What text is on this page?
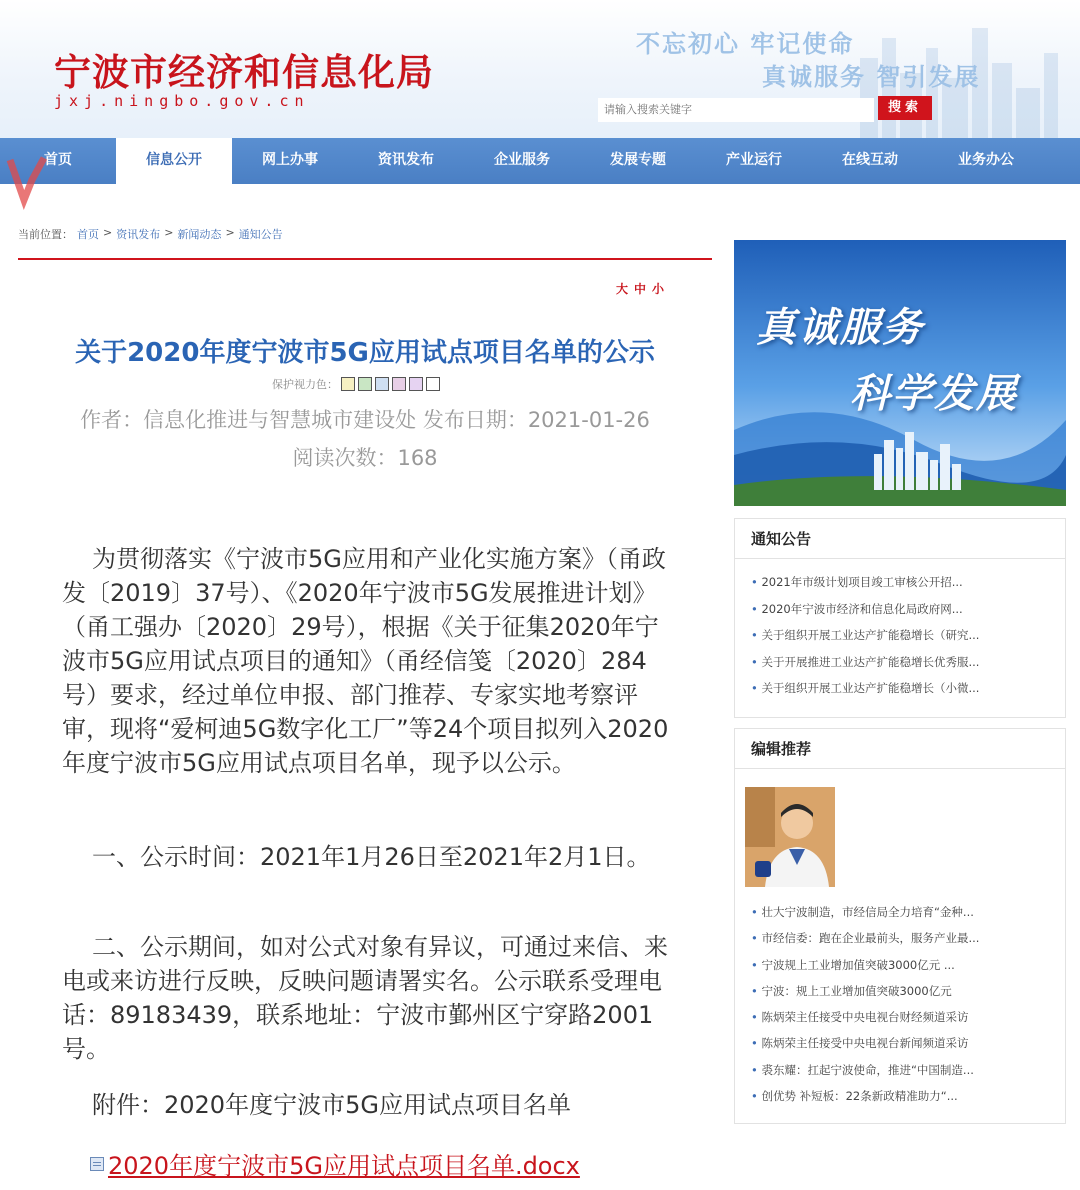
宁波市经济和信息化局
jxj.ningbo.gov.cn
不忘初心 牢记使命
真诚服务 智引发展
请输入搜索关键字
搜索
首页	信息公开	网上办事	资讯发布	企业服务	发展专题	产业运行	在线互动	业务办公
当前位置： 首页 > 资讯发布 > 新闻动态 > 通知公告
大 中 小
关于2020年度宁波市5G应用试点项目名单的公示
保护视力色：
作者：信息化推进与智慧城市建设处 发布日期：2021-01-26
阅读次数：168
为贯彻落实《宁波市5G应用和产业化实施方案》（甬政发〔2019〕37号）、《2020年宁波市5G发展推进计划》（甬工强办〔2020〕29号），根据《关于征集2020年宁波市5G应用试点项目的通知》（甬经信笺〔2020〕284号）要求，经过单位申报、部门推荐、专家实地考察评审，现将“爱柯迪5G数字化工厂”等24个项目拟列入2020年度宁波市5G应用试点项目名单，现予以公示。
一、公示时间：2021年1月26日至2021年2月1日。
二、公示期间，如对公式对象有异议，可通过来信、来电或来访进行反映，反映问题请署实名。公示联系受理电话：89183439，联系地址：宁波市鄞州区宁穿路2001号。
附件：2020年度宁波市5G应用试点项目名单
2020年度宁波市5G应用试点项目名单.docx
真诚服务
科学发展
通知公告
• 2021年市级计划项目竣工审核公开招...
• 2020年宁波市经济和信息化局政府网...
• 关于组织开展工业达产扩能稳增长（研究...
• 关于开展推进工业达产扩能稳增长优秀服...
• 关于组织开展工业达产扩能稳增长（小微...
编辑推荐
• 壮大宁波制造，市经信局全力培育“金种...
• 市经信委：跑在企业最前头，服务产业最...
• 宁波规上工业增加值突破3000亿元 ...
• 宁波：规上工业增加值突破3000亿元
• 陈炳荣主任接受中央电视台财经频道采访
• 陈炳荣主任接受中央电视台新闻频道采访
• 裘东耀：扛起宁波使命，推进“中国制造...
• 创优势 补短板：22条新政精准助力“...
